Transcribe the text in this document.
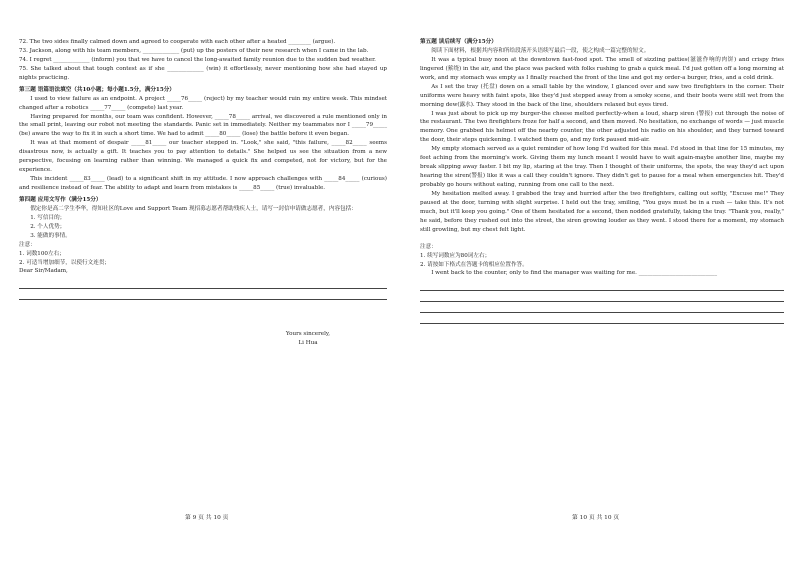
72. The two sides finally calmed down and agreed to cooperate with each other after a heated ________ (argue).

73. Jackson, along with his team members, _____________ (put) up the posters of their new research when I came in the lab.

74. I regret _____________ (inform) you that we have to cancel the long-awaited family reunion due to the sudden bad weather.

75. She talked about that tough contest as if she _____________ (win) it effortlessly, never mentioning how she had stayed up nights practicing.

第三题 语篇语法填空（共10小题；每小题1.5分，满分15分）

I used to view failure as an endpoint. A project _____76_____ (reject) by my teacher would ruin my entire week. This mindset changed after a robotics _____77_____ (compete) last year.

Having prepared for months, our team was confident. However, _____78_____ arrival, we discovered a rule mentioned only in the small print, leaving our robot not meeting the standards. Panic set in immediately. Neither my teammates nor I _____79_____ (be) aware the way to fix it in such a short time. We had to admit _____80_____ (lose) the battle before it even began.

It was at that moment of despair _____81_____ our teacher stepped in. "Look," she said, "this failure, _____82_____ seems disastrous now, is actually a gift. It teaches you to pay attention to details." She helped us see the situation from a new perspective, focusing on learning rather than winning. We managed a quick fix and competed, not for victory, but for the experience.

This incident _____83_____ (lead) to a significant shift in my attitude. I now approach challenges with _____84_____ (curious) and resilience instead of fear. The ability to adapt and learn from mistakes is _____85_____ (true) invaluable.

第四题 应用文写作（满分15分）

假定你是高二学生李华，得知社区的Love and Support Team 现招募志愿者帮助残疾人士，请写一封信申请做志愿者，内容包括：

1. 写信目的；

2. 个人优势；

3. 能做的事情。

注意：

1. 词数100左右；

2. 可适当增加细节，以使行文连贯；

Dear Sir/Madam,

Yours sincerely,

Li Hua

第五题 读后续写（满分15分）

阅读下面材料，根据其内容和所给段落开头语续写最后一段，使之构成一篇完整的短文。

It was a typical busy noon at the downtown fast-food spot. The smell of sizzling patties(滋滋作响的肉饼) and crispy fries lingered (萦绕) in the air, and the place was packed with folks rushing to grab a quick meal. I'd just gotten off a long morning at work, and my stomach was empty as I finally reached the front of the line and got my order-a burger, fries, and a cold drink.

As I set the tray (托盘) down on a small table by the window, I glanced over and saw two firefighters in the corner. Their uniforms were heavy with faint spots, like they'd just stepped away from a smoky scene, and their boots were still wet from the morning dew(露水). They stood in the back of the line, shoulders relaxed but eyes tired.

I was just about to pick up my burger-the cheese melted perfectly-when a loud, sharp siren (警报) cut through the noise of the restaurant. The two firefighters froze for half a second, and then moved. No hesitation, no exchange of words — just muscle memory. One grabbed his helmet off the nearby counter, the other adjusted his radio on his shoulder, and they turned toward the door, their steps quickening. I watched them go, and my fork paused mid-air.

My empty stomach served as a quiet reminder of how long I'd waited for this meal. I'd stood in that line for 15 minutes, my feet aching from the morning's work. Giving them my lunch meant I would have to wait again-maybe another line, maybe my break slipping away faster. I bit my lip, staring at the tray. Then I thought of their uniforms, the spots, the way they'd act upon hearing the siren(警报) like it was a call they couldn't ignore. They didn't get to pause for a meal when emergencies hit. They'd probably go hours without eating, running from one call to the next.

My hesitation melted away. I grabbed the tray and hurried after the two firefighters, calling out softly, "Excuse me!" They paused at the door, turning with slight surprise. I held out the tray, smiling, "You guys must be in a rush — take this. It's not much, but it'll keep you going." One of them hesitated for a second, then nodded gratefully, taking the tray. "Thank you, really," he said, before they rushed out into the street, the siren growing louder as they went. I stood there for a moment, my stomach still growling, but my chest felt light.

注意：

1. 续写词数应为80词左右；

2. 请按如下格式在答题卡的相应位置作答。

I went back to the counter, only to find the manager was waiting for me. ____________________________

第 9 页 共 10 页	第 10 页 共 10 页
